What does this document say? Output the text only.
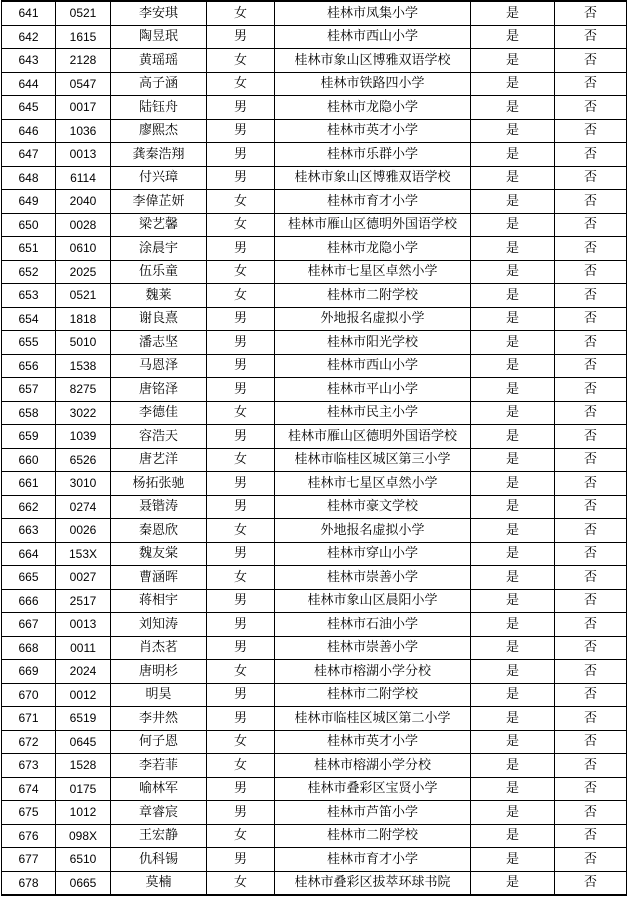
641	0521	李安琪	女	桂林市凤集小学	是	否
642	1615	陶昱珉	男	桂林市西山小学	是	否
643	2128	黄瑶瑶	女	桂林市象山区博雅双语学校	是	否
644	0547	高子涵	女	桂林市铁路四小学	是	否
645	0017	陆钰舟	男	桂林市龙隐小学	是	否
646	1036	廖熙杰	男	桂林市英才小学	是	否
647	0013	龚秦浩翔	男	桂林市乐群小学	是	否
648	6114	付兴璋	男	桂林市象山区博雅双语学校	是	否
649	2040	李偉芷妍	女	桂林市育才小学	是	否
650	0028	梁艺馨	女	桂林市雁山区德明外国语学校	是	否
651	0610	涂晨宇	男	桂林市龙隐小学	是	否
652	2025	伍乐童	女	桂林市七星区卓然小学	是	否
653	0521	魏莱	女	桂林市二附学校	是	否
654	1818	谢良熹	男	外地报名虚拟小学	是	否
655	5010	潘志坚	男	桂林市阳光学校	是	否
656	1538	马恩泽	男	桂林市西山小学	是	否
657	8275	唐铭泽	男	桂林市平山小学	是	否
658	3022	李德佳	女	桂林市民主小学	是	否
659	1039	容浩天	男	桂林市雁山区德明外国语学校	是	否
660	6526	唐艺洋	女	桂林市临桂区城区第三小学	是	否
661	3010	杨拓张驰	男	桂林市七星区卓然小学	是	否
662	0274	聂锴涛	男	桂林市豪文学校	是	否
663	0026	秦恩欣	女	外地报名虚拟小学	是	否
664	153X	魏友棠	男	桂林市穿山小学	是	否
665	0027	曹涵晖	女	桂林市崇善小学	是	否
666	2517	蒋相宇	男	桂林市象山区晨阳小学	是	否
667	0013	刘知涛	男	桂林市石油小学	是	否
668	0011	肖杰茗	男	桂林市崇善小学	是	否
669	2024	唐明杉	女	桂林市榕湖小学分校	是	否
670	0012	明昊	男	桂林市二附学校	是	否
671	6519	李井然	男	桂林市临桂区城区第二小学	是	否
672	0645	何子恩	女	桂林市英才小学	是	否
673	1528	李若菲	女	桂林市榕湖小学分校	是	否
674	0175	喻林军	男	桂林市叠彩区宝贤小学	是	否
675	1012	章睿宸	男	桂林市芦笛小学	是	否
676	098X	王宏静	女	桂林市二附学校	是	否
677	6510	仇科锡	男	桂林市育才小学	是	否
678	0665	莫楠	女	桂林市叠彩区拔萃环球书院	是	否
